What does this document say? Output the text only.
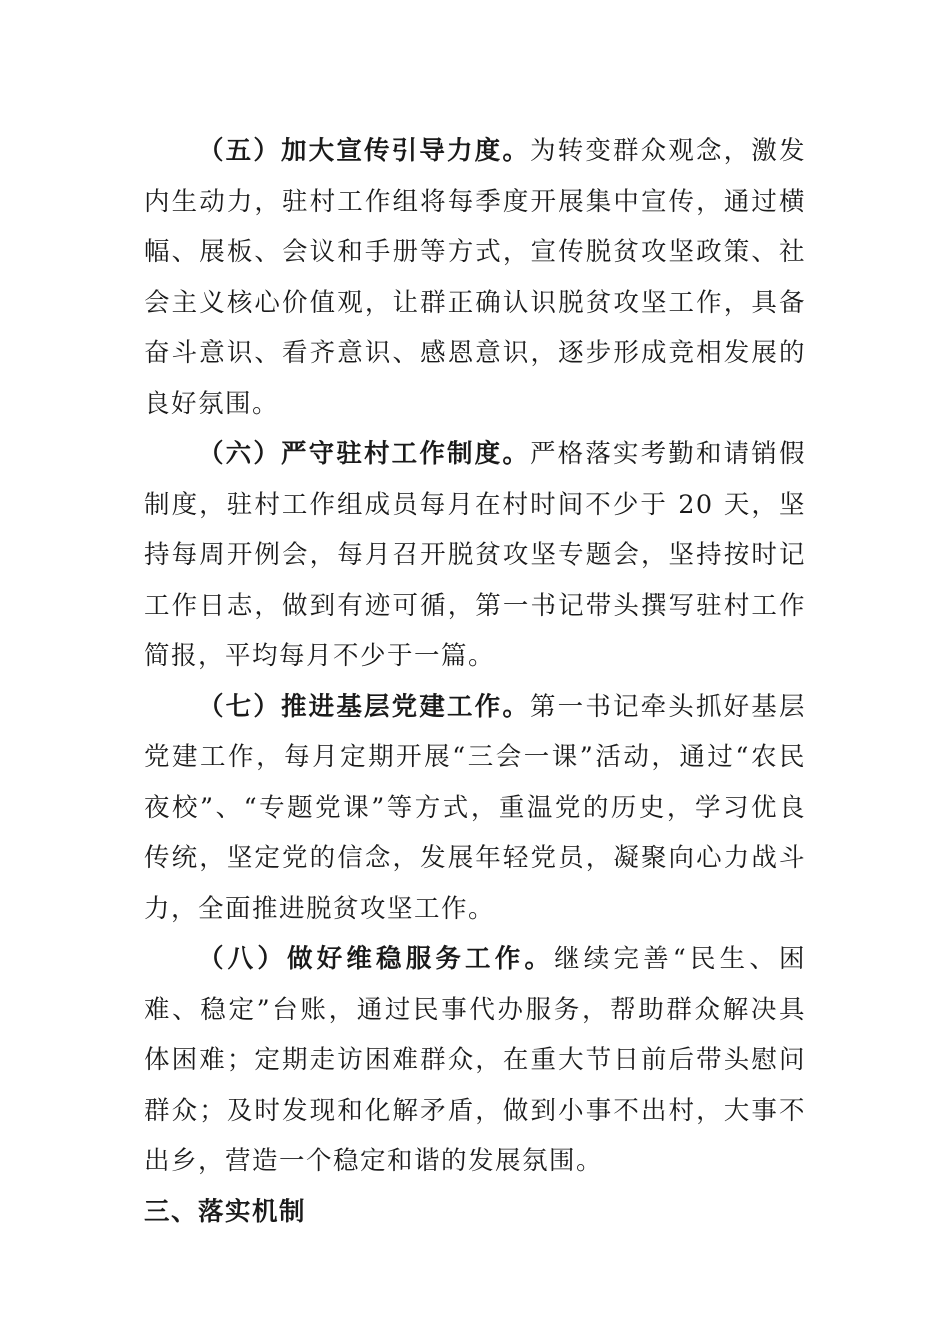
（五）加大宣传引导力度。为转变群众观念，激发内生动力，驻村工作组将每季度开展集中宣传，通过横幅、展板、会议和手册等方式，宣传脱贫攻坚政策、社会主义核心价值观，让群正确认识脱贫攻坚工作，具备奋斗意识、看齐意识、感恩意识，逐步形成竞相发展的良好氛围。

（六）严守驻村工作制度。严格落实考勤和请销假制度，驻村工作组成员每月在村时间不少于 20 天，坚持每周开例会，每月召开脱贫攻坚专题会，坚持按时记工作日志，做到有迹可循，第一书记带头撰写驻村工作简报，平均每月不少于一篇。

（七）推进基层党建工作。第一书记牵头抓好基层党建工作，每月定期开展“三会一课”活动，通过“农民夜校”、“专题党课”等方式，重温党的历史，学习优良传统，坚定党的信念，发展年轻党员，凝聚向心力战斗力，全面推进脱贫攻坚工作。

（八）做好维稳服务工作。继续完善“民生、困难、稳定”台账，通过民事代办服务，帮助群众解决具体困难；定期走访困难群众，在重大节日前后带头慰问群众；及时发现和化解矛盾，做到小事不出村，大事不出乡，营造一个稳定和谐的发展氛围。

三、落实机制
